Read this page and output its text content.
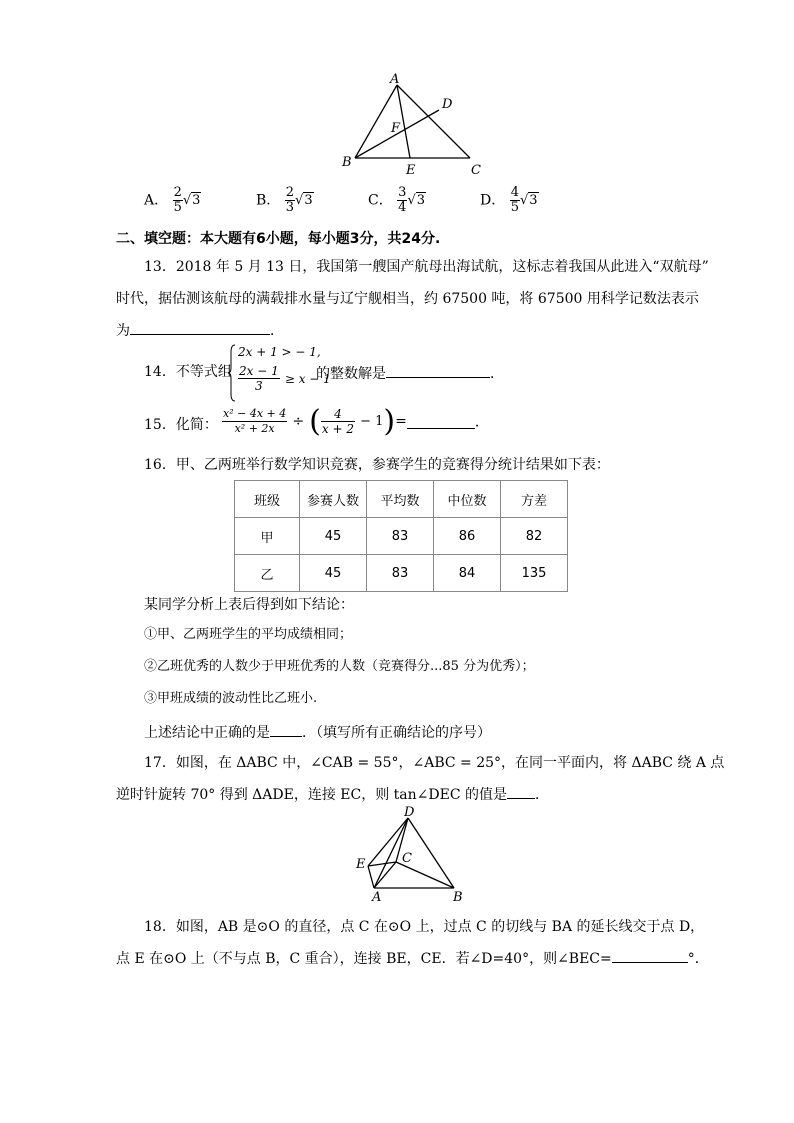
A
D
F
B
E	C
A． $\frac{2}{5} √3$	B． $\frac{2}{3} √3$	C． $\frac{3}{4} √3$	D． $\frac{4}{5} √3$
二、填空题：本大题有6小题，每小题3分，共24分.
13．2018 年 5 月 13 日，我国第一艘国产航母出海试航，这标志着我国从此进入“双航母”
时代，据估测该航母的满载排水量与辽宁舰相当，约 67500 吨，将 67500 用科学记数法表示
为	．
14．不等式组
2x + 1 > − 1,
$\frac{2x - 1}{3} \ge x - 1$
的整数解是	．
15．化简： $\frac{\text{x² − 4x + 4}}{\text{x² + 2x}}$ ÷ ( $\frac{4}{x + 2} - 1)=$	．
16．甲、乙两班举行数学知识竞赛，参赛学生的竞赛得分统计结果如下表：
班级	参赛人数	平均数	中位数	方差
甲	45	83	86	82
乙	45	83	84	135
某同学分析上表后得到如下结论：
①甲、乙两班学生的平均成绩相同；
②乙班优秀的人数少于甲班优秀的人数（竞赛得分...85 分为优秀）；
③甲班成绩的波动性比乙班小.
上述结论中正确的是 ．（填写所有正确结论的序号）
17．如图，在 ΔABC 中，∠CAB = 55°，∠ABC = 25°，在同一平面内，将 ΔABC 绕 A 点
逆时针旋转 70° 得到 ΔADE，连接 EC，则 tan∠DEC 的值是 ．
D
E	C
A	B
18．如图，AB 是⊙O 的直径，点 C 在⊙O 上，过点 C 的切线与 BA 的延长线交于点 D，
点 E 在⊙O 上（不与点 B，C 重合），连接 BE，CE．若∠D=40°，则∠BEC=	°．
